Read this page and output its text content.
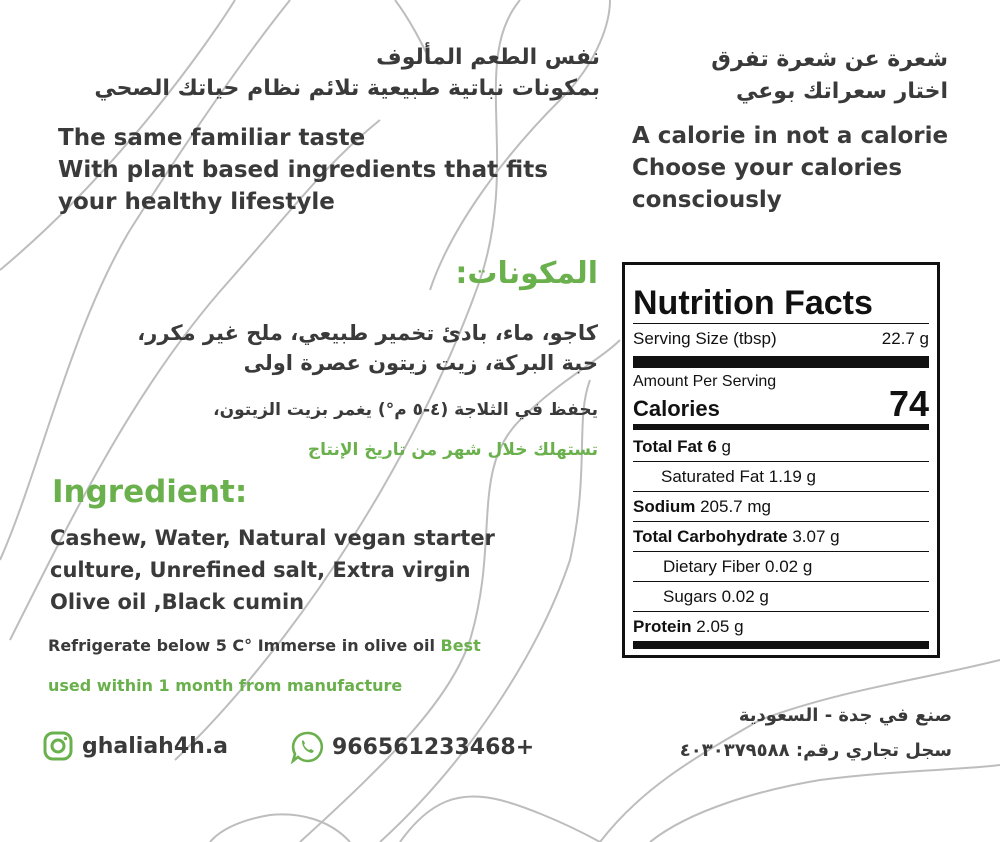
نفس الطعم المألوف
بمكونات نباتية طبيعية تلائم نظام حياتك الصحي
The same familiar taste
With plant based ingredients that fits
your healthy lifestyle
المكونات:
كاجو، ماء، بادئ تخمير طبيعي، ملح غير مكرر،
حبة البركة، زيت زيتون عصرة اولى
يحفظ في الثلاجة (٤-٥ م°) يغمر بزيت الزيتون،
تستهلك خلال شهر من تاريخ الإنتاج
Ingredient:
Cashew, Water, Natural vegan starter
culture, Unrefined salt, Extra virgin
Olive oil ,Black cumin
Refrigerate below 5 C° Immerse in olive oil Best
used within 1 month from manufacture
ghaliah4h.a	966561233468+
شعرة عن شعرة تفرق
اختار سعراتك بوعي
A calorie in not a calorie
Choose your calories
consciously
Nutrition Facts
Serving Size (tbsp)	22.7 g
Amount Per Serving
Calories	74
Total Fat 6 g
Saturated Fat 1.19 g
Sodium 205.7 mg
Total Carbohydrate 3.07 g
Dietary Fiber 0.02 g
Sugars 0.02 g
Protein 2.05 g
صنع في جدة - السعودية
سجل تجاري رقم: ٤٠٣٠٣٧٩٥٨٨
